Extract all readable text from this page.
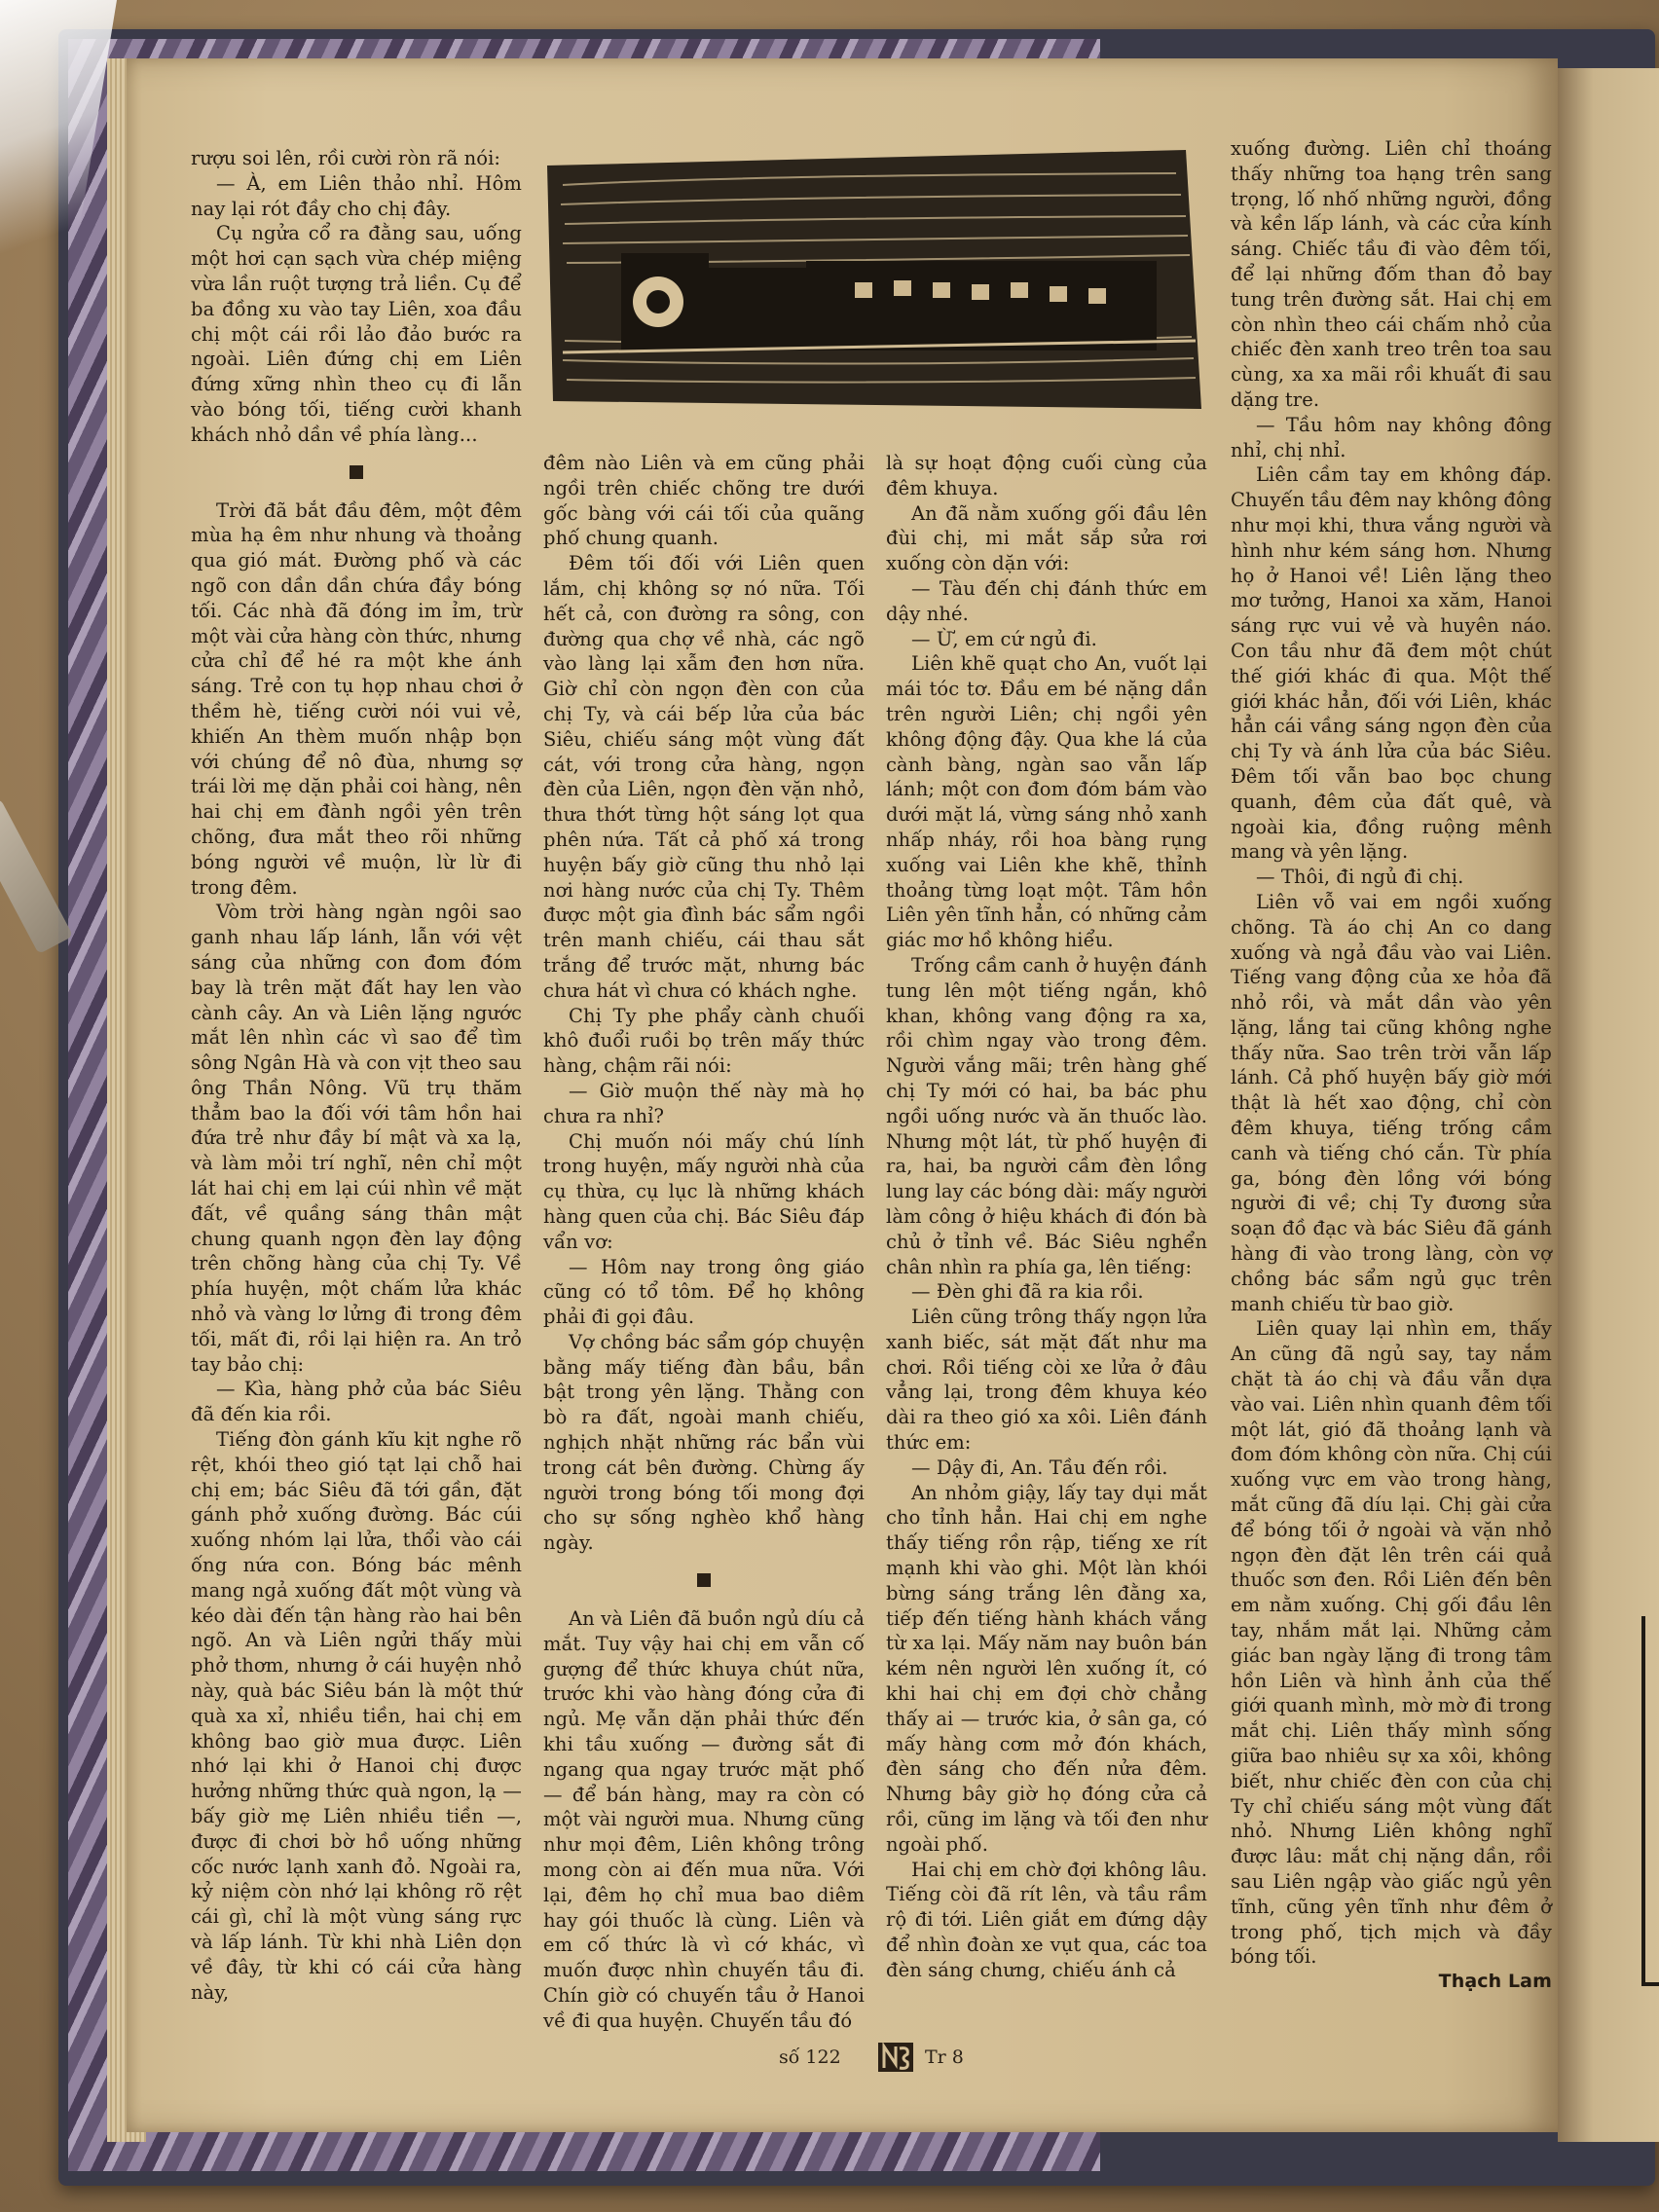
rượu soi lên, rồi cười ròn rã nói:

— À, em Liên thảo nhỉ. Hôm nay lại rót đầy cho chị đây.

Cụ ngửa cổ ra đằng sau, uống một hơi cạn sạch vừa chép miệng vừa lần ruột tượng trả liền. Cụ để ba đồng xu vào tay Liên, xoa đầu chị một cái rồi lảo đảo bước ra ngoài. Liên đứng chị em Liên đứng xững nhìn theo cụ đi lẫn vào bóng tối, tiếng cười khanh khách nhỏ dần về phía làng...

Trời đã bắt đầu đêm, một đêm mùa hạ êm như nhung và thoảng qua gió mát. Đường phố và các ngõ con dần dần chứa đầy bóng tối. Các nhà đã đóng im ỉm, trừ một vài cửa hàng còn thức, nhưng cửa chỉ để hé ra một khe ánh sáng. Trẻ con tụ họp nhau chơi ở thềm hè, tiếng cười nói vui vẻ, khiến An thèm muốn nhập bọn với chúng để nô đùa, nhưng sợ trái lời mẹ dặn phải coi hàng, nên hai chị em đành ngồi yên trên chõng, đưa mắt theo rõi những bóng người về muộn, lừ lừ đi trong đêm.

Vòm trời hàng ngàn ngôi sao ganh nhau lấp lánh, lẫn với vệt sáng của những con đom đóm bay là trên mặt đất hay len vào cành cây. An và Liên lặng ngước mắt lên nhìn các vì sao để tìm sông Ngân Hà và con vịt theo sau ông Thần Nông. Vũ trụ thăm thẳm bao la đối với tâm hồn hai đứa trẻ như đầy bí mật và xa lạ, và làm mỏi trí nghĩ, nên chỉ một lát hai chị em lại cúi nhìn về mặt đất, về quầng sáng thân mật chung quanh ngọn đèn lay động trên chõng hàng của chị Ty. Về phía huyện, một chấm lửa khác nhỏ và vàng lơ lửng đi trong đêm tối, mất đi, rồi lại hiện ra. An trỏ tay bảo chị:

— Kìa, hàng phở của bác Siêu đã đến kia rồi.

Tiếng đòn gánh kĩu kịt nghe rõ rệt, khói theo gió tạt lại chỗ hai chị em; bác Siêu đã tới gần, đặt gánh phở xuống đường. Bác cúi xuống nhóm lại lửa, thổi vào cái ống nứa con. Bóng bác mênh mang ngả xuống đất một vùng và kéo dài đến tận hàng rào hai bên ngõ. An và Liên ngửi thấy mùi phở thơm, nhưng ở cái huyện nhỏ này, quà bác Siêu bán là một thứ quà xa xỉ, nhiều tiền, hai chị em không bao giờ mua được. Liên nhớ lại khi ở Hanoi chị được hưởng những thức quà ngon, lạ — bấy giờ mẹ Liên nhiều tiền —, được đi chơi bờ hồ uống những cốc nước lạnh xanh đỏ. Ngoài ra, kỷ niệm còn nhớ lại không rõ rệt cái gì, chỉ là một vùng sáng rực và lấp lánh. Từ khi nhà Liên dọn về đây, từ khi có cái cửa hàng này,

đêm nào Liên và em cũng phải ngồi trên chiếc chõng tre dưới gốc bàng với cái tối của quãng phố chung quanh.

Đêm tối đối với Liên quen lắm, chị không sợ nó nữa. Tối hết cả, con đường ra sông, con đường qua chợ về nhà, các ngõ vào làng lại xẫm đen hơn nữa. Giờ chỉ còn ngọn đèn con của chị Ty, và cái bếp lửa của bác Siêu, chiếu sáng một vùng đất cát, với trong cửa hàng, ngọn đèn của Liên, ngọn đèn vặn nhỏ, thưa thớt từng hột sáng lọt qua phên nứa. Tất cả phố xá trong huyện bấy giờ cũng thu nhỏ lại nơi hàng nước của chị Ty. Thêm được một gia đình bác sẩm ngồi trên manh chiếu, cái thau sắt trắng để trước mặt, nhưng bác chưa hát vì chưa có khách nghe.

Chị Ty phe phẩy cành chuối khô đuổi ruồi bọ trên mấy thức hàng, chậm rãi nói:

— Giờ muộn thế này mà họ chưa ra nhỉ?

Chị muốn nói mấy chú lính trong huyện, mấy người nhà của cụ thừa, cụ lục là những khách hàng quen của chị. Bác Siêu đáp vẩn vơ:

— Hôm nay trong ông giáo cũng có tổ tôm. Để họ không phải đi gọi đâu.

Vợ chồng bác sẩm góp chuyện bằng mấy tiếng đàn bầu, bần bật trong yên lặng. Thằng con bò ra đất, ngoài manh chiếu, nghịch nhặt những rác bẩn vùi trong cát bên đường. Chừng ấy người trong bóng tối mong đợi cho sự sống nghèo khổ hàng ngày.

An và Liên đã buồn ngủ díu cả mắt. Tuy vậy hai chị em vẫn cố gượng để thức khuya chút nữa, trước khi vào hàng đóng cửa đi ngủ. Mẹ vẫn dặn phải thức đến khi tầu xuống — đường sắt đi ngang qua ngay trước mặt phố — để bán hàng, may ra còn có một vài người mua. Nhưng cũng như mọi đêm, Liên không trông mong còn ai đến mua nữa. Với lại, đêm họ chỉ mua bao diêm hay gói thuốc là cùng. Liên và em cố thức là vì cớ khác, vì muốn được nhìn chuyến tầu đi. Chín giờ có chuyến tầu ở Hanoi về đi qua huyện. Chuyến tầu đó

là sự hoạt động cuối cùng của đêm khuya.

An đã nằm xuống gối đầu lên đùi chị, mi mắt sắp sửa rơi xuống còn dặn với:

— Tàu đến chị đánh thức em dậy nhé.

— Ừ, em cứ ngủ đi.

Liên khẽ quạt cho An, vuốt lại mái tóc tơ. Đầu em bé nặng dần trên người Liên; chị ngồi yên không động đậy. Qua khe lá của cành bàng, ngàn sao vẫn lấp lánh; một con đom đóm bám vào dưới mặt lá, vừng sáng nhỏ xanh nhấp nháy, rồi hoa bàng rụng xuống vai Liên khe khẽ, thỉnh thoảng từng loạt một. Tâm hồn Liên yên tĩnh hẳn, có những cảm giác mơ hồ không hiểu.

Trống cầm canh ở huyện đánh tung lên một tiếng ngắn, khô khan, không vang động ra xa, rồi chìm ngay vào trong đêm. Người vắng mãi; trên hàng ghế chị Ty mới có hai, ba bác phu ngồi uống nước và ăn thuốc lào. Nhưng một lát, từ phố huyện đi ra, hai, ba người cầm đèn lồng lung lay các bóng dài: mấy người làm công ở hiệu khách đi đón bà chủ ở tỉnh về. Bác Siêu nghển chân nhìn ra phía ga, lên tiếng:

— Đèn ghi đã ra kia rồi.

Liên cũng trông thấy ngọn lửa xanh biếc, sát mặt đất như ma chơi. Rồi tiếng còi xe lửa ở đâu vẳng lại, trong đêm khuya kéo dài ra theo gió xa xôi. Liên đánh thức em:

— Dậy đi, An. Tầu đến rồi.

An nhỏm giậy, lấy tay dụi mắt cho tỉnh hẳn. Hai chị em nghe thấy tiếng rồn rập, tiếng xe rít mạnh khi vào ghi. Một làn khói bừng sáng trắng lên đằng xa, tiếp đến tiếng hành khách vắng từ xa lại. Mấy năm nay buôn bán kém nên người lên xuống ít, có khi hai chị em đợi chờ chẳng thấy ai — trước kia, ở sân ga, có mấy hàng cơm mở đón khách, đèn sáng cho đến nửa đêm. Nhưng bây giờ họ đóng cửa cả rồi, cũng im lặng và tối đen như ngoài phố.

Hai chị em chờ đợi không lâu. Tiếng còi đã rít lên, và tầu rầm rộ đi tới. Liên giắt em đứng dậy để nhìn đoàn xe vụt qua, các toa đèn sáng chưng, chiếu ánh cả

xuống đường. Liên chỉ thoáng thấy những toa hạng trên sang trọng, lố nhố những người, đồng và kền lấp lánh, và các cửa kính sáng. Chiếc tầu đi vào đêm tối, để lại những đốm than đỏ bay tung trên đường sắt. Hai chị em còn nhìn theo cái chấm nhỏ của chiếc đèn xanh treo trên toa sau cùng, xa xa mãi rồi khuất đi sau dặng tre.

— Tầu hôm nay không đông nhỉ, chị nhỉ.

Liên cầm tay em không đáp. Chuyến tầu đêm nay không đông như mọi khi, thưa vắng người và hình như kém sáng hơn. Nhưng họ ở Hanoi về! Liên lặng theo mơ tưởng, Hanoi xa xăm, Hanoi sáng rực vui vẻ và huyên náo. Con tầu như đã đem một chút thế giới khác đi qua. Một thế giới khác hẳn, đối với Liên, khác hẳn cái vầng sáng ngọn đèn của chị Ty và ánh lửa của bác Siêu. Đêm tối vẫn bao bọc chung quanh, đêm của đất quê, và ngoài kia, đồng ruộng mênh mang và yên lặng.

— Thôi, đi ngủ đi chị.

Liên vỗ vai em ngồi xuống chõng. Tà áo chị An co dang xuống và ngả đầu vào vai Liên. Tiếng vang động của xe hỏa đã nhỏ rồi, và mắt dần vào yên lặng, lắng tai cũng không nghe thấy nữa. Sao trên trời vẫn lấp lánh. Cả phố huyện bấy giờ mới thật là hết xao động, chỉ còn đêm khuya, tiếng trống cầm canh và tiếng chó cắn. Từ phía ga, bóng đèn lồng với bóng người đi về; chị Ty đương sửa soạn đồ đạc và bác Siêu đã gánh hàng đi vào trong làng, còn vợ chồng bác sẩm ngủ gục trên manh chiếu từ bao giờ.

Liên quay lại nhìn em, thấy An cũng đã ngủ say, tay nắm chặt tà áo chị và đầu vẫn dựa vào vai. Liên nhìn quanh đêm tối một lát, gió đã thoảng lạnh và đom đóm không còn nữa. Chị cúi xuống vực em vào trong hàng, mắt cũng đã díu lại. Chị gài cửa để bóng tối ở ngoài và vặn nhỏ ngọn đèn đặt lên trên cái quả thuốc sơn đen. Rồi Liên đến bên em nằm xuống. Chị gối đầu lên tay, nhắm mắt lại. Những cảm giác ban ngày lặng đi trong tâm hồn Liên và hình ảnh của thế giới quanh mình, mờ mờ đi trong mắt chị. Liên thấy mình sống giữa bao nhiêu sự xa xôi, không biết, như chiếc đèn con của chị Ty chỉ chiếu sáng một vùng đất nhỏ. Nhưng Liên không nghĩ được lâu: mắt chị nặng dần, rồi sau Liên ngập vào giấc ngủ yên tĩnh, cũng yên tĩnh như đêm ở trong phố, tịch mịch và đầy bóng tối.

Thạch Lam

số 122	Tr 8
